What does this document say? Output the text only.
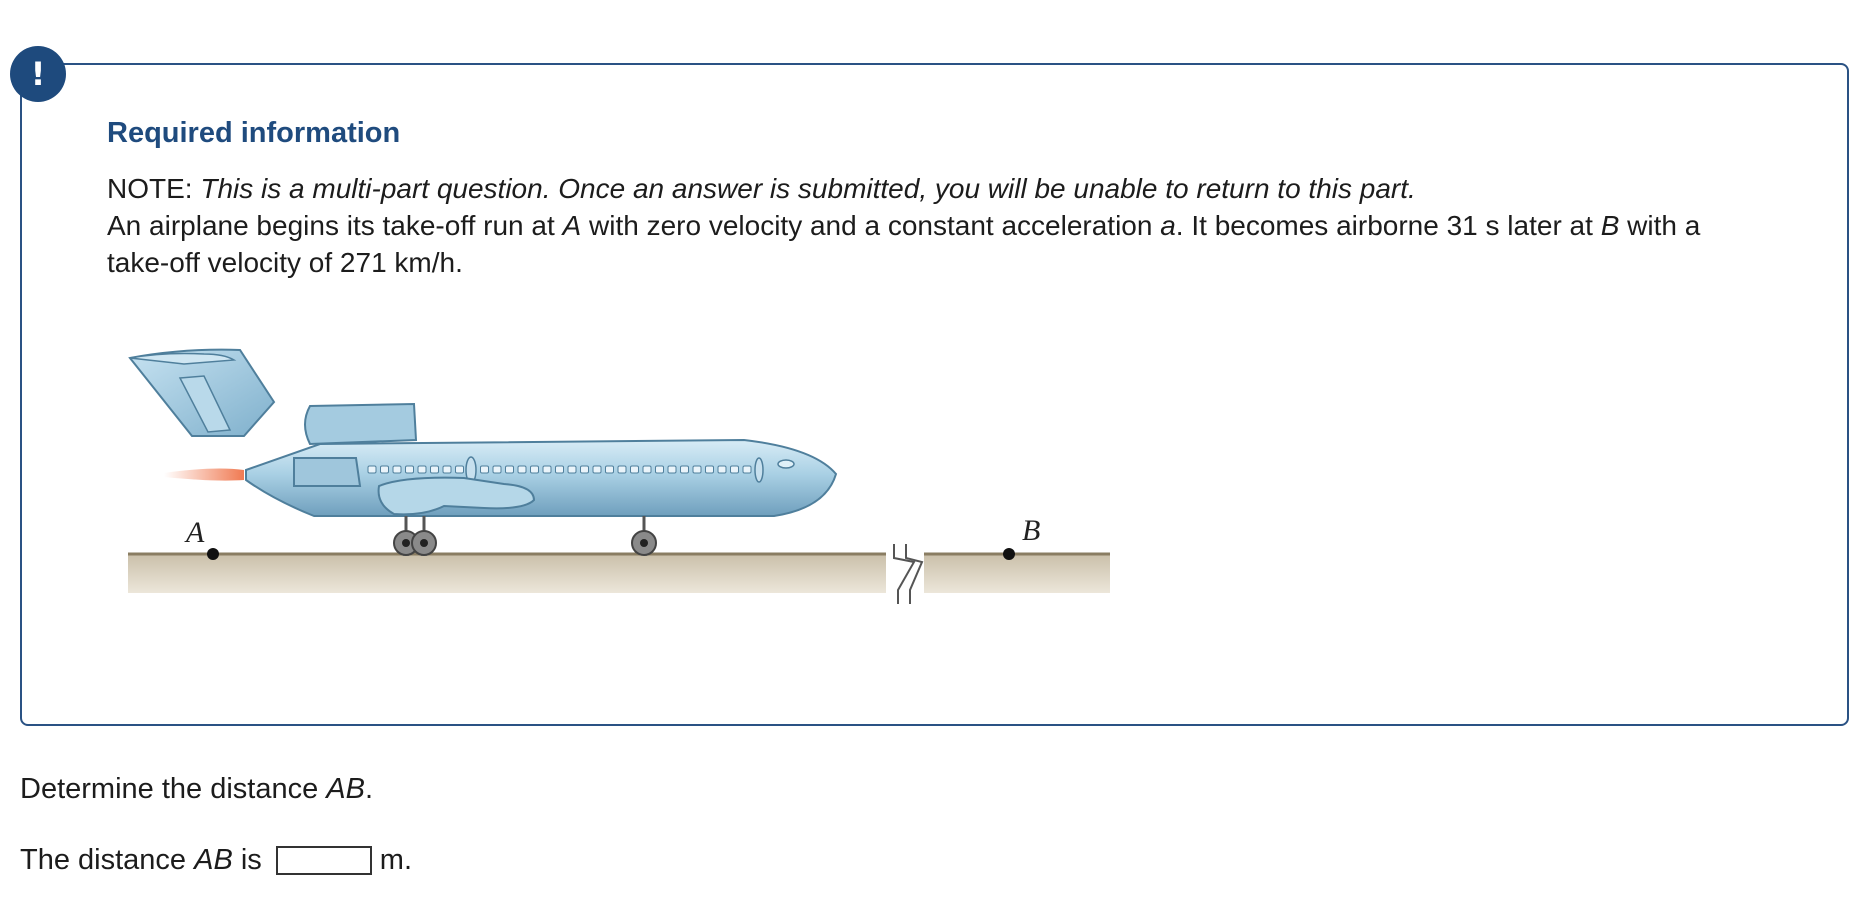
!
Required information

NOTE: This is a multi-part question. Once an answer is submitted, you will be unable to return to this part.
An airplane begins its take-off run at A with zero velocity and a constant acceleration a. It becomes airborne 31 s later at B with a take-off velocity of 271 km/h.

A	B

Determine the distance AB.

The distance AB is	m.
